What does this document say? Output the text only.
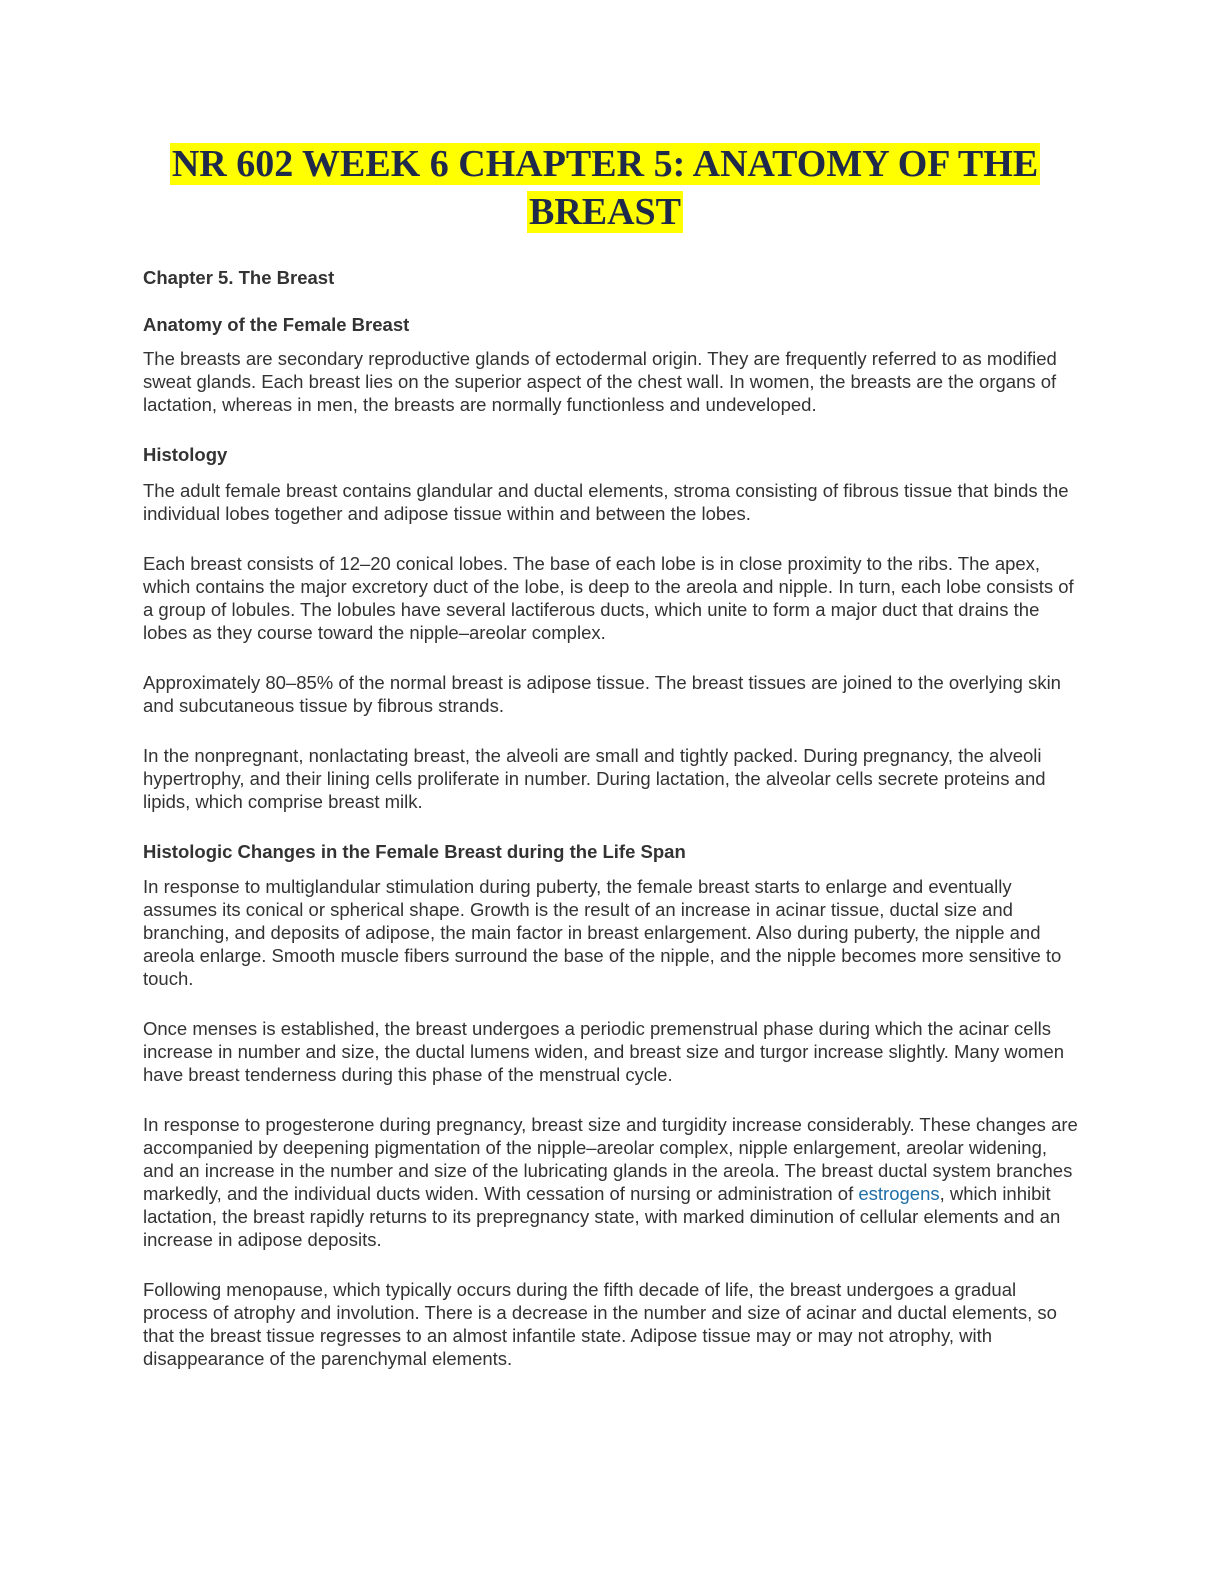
NR 602 WEEK 6 CHAPTER 5: ANATOMY OF THE
BREAST
Chapter 5. The Breast
Anatomy of the Female Breast

The breasts are secondary reproductive glands of ectodermal origin. They are frequently referred to as modified sweat glands. Each breast lies on the superior aspect of the chest wall. In women, the breasts are the organs of lactation, whereas in men, the breasts are normally functionless and undeveloped.

Histology

The adult female breast contains glandular and ductal elements, stroma consisting of fibrous tissue that binds the individual lobes together and adipose tissue within and between the lobes.

Each breast consists of 12–20 conical lobes. The base of each lobe is in close proximity to the ribs. The apex, which contains the major excretory duct of the lobe, is deep to the areola and nipple. In turn, each lobe consists of a group of lobules. The lobules have several lactiferous ducts, which unite to form a major duct that drains the lobes as they course toward the nipple–areolar complex.

Approximately 80–85% of the normal breast is adipose tissue. The breast tissues are joined to the overlying skin and subcutaneous tissue by fibrous strands.

In the nonpregnant, nonlactating breast, the alveoli are small and tightly packed. During pregnancy, the alveoli hypertrophy, and their lining cells proliferate in number. During lactation, the alveolar cells secrete proteins and lipids, which comprise breast milk.

Histologic Changes in the Female Breast during the Life Span

In response to multiglandular stimulation during puberty, the female breast starts to enlarge and eventually assumes its conical or spherical shape. Growth is the result of an increase in acinar tissue, ductal size and branching, and deposits of adipose, the main factor in breast enlargement. Also during puberty, the nipple and areola enlarge. Smooth muscle fibers surround the base of the nipple, and the nipple becomes more sensitive to touch.

Once menses is established, the breast undergoes a periodic premenstrual phase during which the acinar cells increase in number and size, the ductal lumens widen, and breast size and turgor increase slightly. Many women have breast tenderness during this phase of the menstrual cycle.

In response to progesterone during pregnancy, breast size and turgidity increase considerably. These changes are accompanied by deepening pigmentation of the nipple–areolar complex, nipple enlargement, areolar widening, and an increase in the number and size of the lubricating glands in the areola. The breast ductal system branches markedly, and the individual ducts widen. With cessation of nursing or administration of estrogens, which inhibit lactation, the breast rapidly returns to its prepregnancy state, with marked diminution of cellular elements and an increase in adipose deposits.

Following menopause, which typically occurs during the fifth decade of life, the breast undergoes a gradual process of atrophy and involution. There is a decrease in the number and size of acinar and ductal elements, so that the breast tissue regresses to an almost infantile state. Adipose tissue may or may not atrophy, with disappearance of the parenchymal elements.
